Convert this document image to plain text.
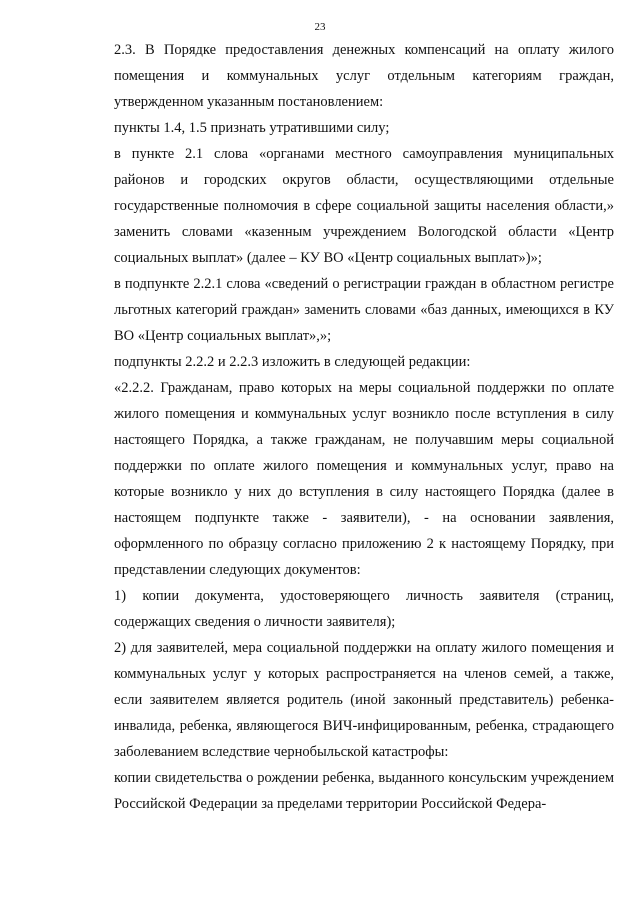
23

2.3. В Порядке предоставления денежных компенсаций на оплату жилого помещения и коммунальных услуг отдельным категориям граждан, утвержденном указанным постановлением:

пункты 1.4, 1.5 признать утратившими силу;

в пункте 2.1 слова «органами местного самоуправления муниципальных районов и городских округов области, осуществляющими отдельные государственные полномочия в сфере социальной защиты населения области,» заменить словами «казенным учреждением Вологодской области «Центр социальных выплат» (далее – КУ ВО «Центр социальных выплат»)»;

в подпункте 2.2.1 слова «сведений о регистрации граждан в областном регистре льготных категорий граждан» заменить словами «баз данных, имеющихся в КУ ВО «Центр социальных выплат»,»;

подпункты 2.2.2 и 2.2.3 изложить в следующей редакции:

«2.2.2. Гражданам, право которых на меры социальной поддержки по оплате жилого помещения и коммунальных услуг возникло после вступления в силу настоящего Порядка, а также гражданам, не получавшим меры социальной поддержки по оплате жилого помещения и коммунальных услуг, право на которые возникло у них до вступления в силу настоящего Порядка (далее в настоящем подпункте также - заявители), - на основании заявления, оформленного по образцу согласно приложению 2 к настоящему Порядку, при представлении следующих документов:

1) копии документа, удостоверяющего личность заявителя (страниц, содержащих сведения о личности заявителя);

2) для заявителей, мера социальной поддержки на оплату жилого помещения и коммунальных услуг у которых распространяется на членов семей, а также, если заявителем является родитель (иной законный представитель) ребенка-инвалида, ребенка, являющегося ВИЧ-инфицированным, ребенка, страдающего заболеванием вследствие чернобыльской катастрофы:

копии свидетельства о рождении ребенка, выданного консульским учреждением Российской Федерации за пределами территории Российской Федера-
